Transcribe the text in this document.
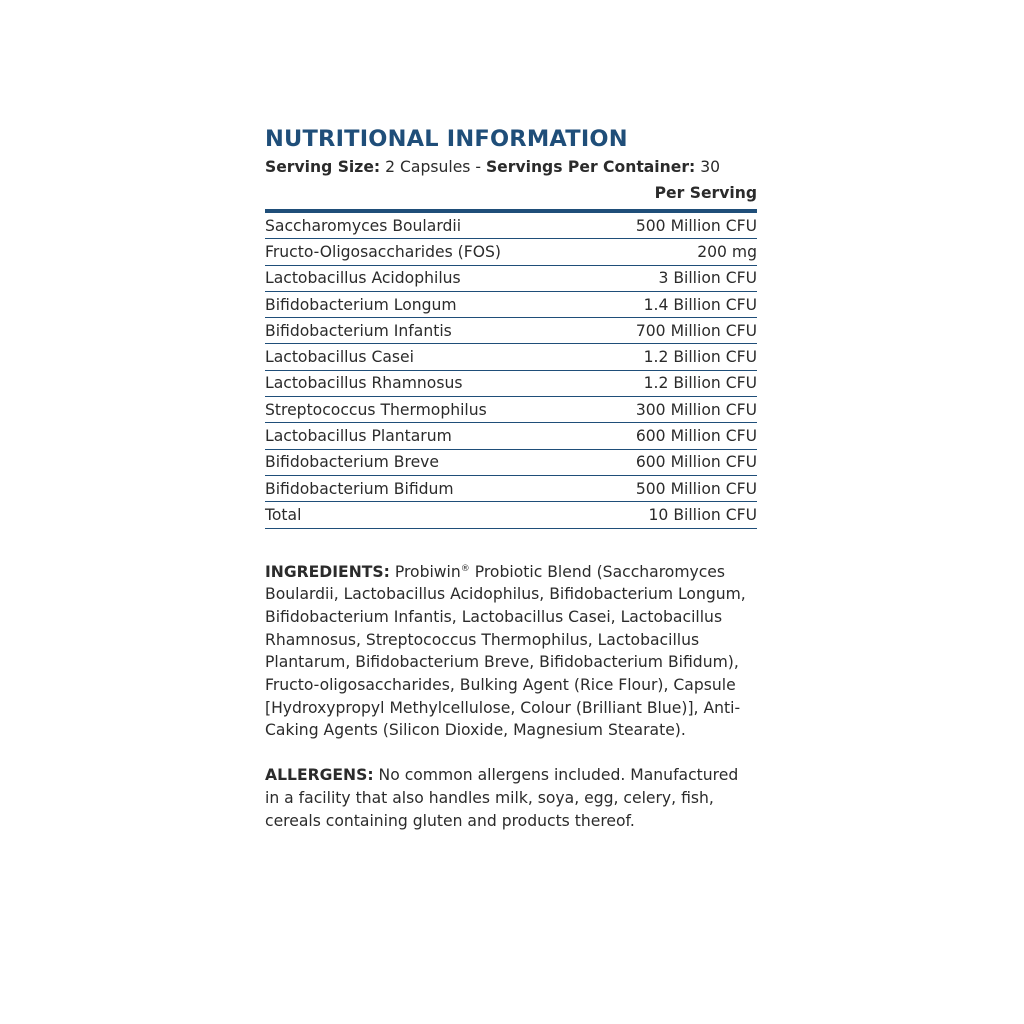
NUTRITIONAL INFORMATION
Serving Size: 2 Capsules - Servings Per Container: 30
Per Serving
Saccharomyces Boulardii	500 Million CFU
Fructo-Oligosaccharides (FOS)	200 mg
Lactobacillus Acidophilus	3 Billion CFU
Bifidobacterium Longum	1.4 Billion CFU
Bifidobacterium Infantis	700 Million CFU
Lactobacillus Casei	1.2 Billion CFU
Lactobacillus Rhamnosus	1.2 Billion CFU
Streptococcus Thermophilus	300 Million CFU
Lactobacillus Plantarum	600 Million CFU
Bifidobacterium Breve	600 Million CFU
Bifidobacterium Bifidum	500 Million CFU
Total	10 Billion CFU
INGREDIENTS: Probiwin® Probiotic Blend (Saccharomyces Boulardii, Lactobacillus Acidophilus, Bifidobacterium Longum, Bifidobacterium Infantis, Lactobacillus Casei, Lactobacillus Rhamnosus, Streptococcus Thermophilus, Lactobacillus Plantarum, Bifidobacterium Breve, Bifidobacterium Bifidum), Fructo-oligosaccharides, Bulking Agent (Rice Flour), Capsule [Hydroxypropyl Methylcellulose, Colour (Brilliant Blue)], Anti-Caking Agents (Silicon Dioxide, Magnesium Stearate).
ALLERGENS: No common allergens included. Manufactured in a facility that also handles milk, soya, egg, celery, fish, cereals containing gluten and products thereof.
